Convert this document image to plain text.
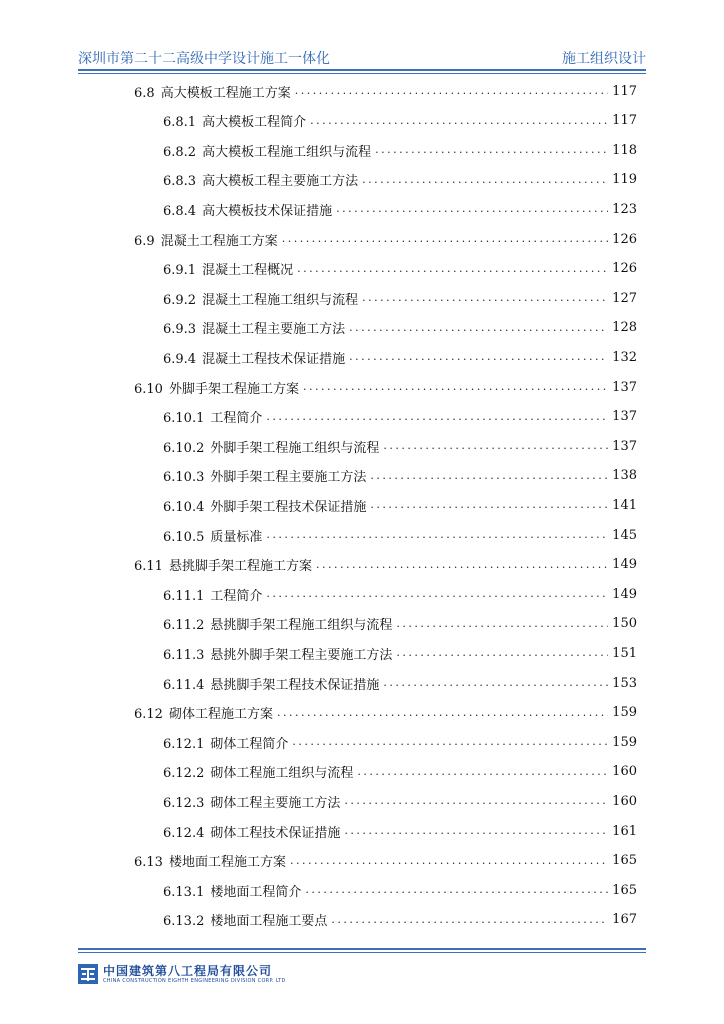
深圳市第二十二高级中学设计施工一体化	施工组织设计
6.8 高大模板工程施工方案 .....	117
6.8.1 高大模板工程简介 .....	117
6.8.2 高大模板工程施工组织与流程 .....	118
6.8.3 高大模板工程主要施工方法 .....	119
6.8.4 高大模板技术保证措施 .....	123
6.9 混凝土工程施工方案 .....	126
6.9.1 混凝土工程概况 .....	126
6.9.2 混凝土工程施工组织与流程 .....	127
6.9.3 混凝土工程主要施工方法 .....	128
6.9.4 混凝土工程技术保证措施 .....	132
6.10 外脚手架工程施工方案 .....	137
6.10.1 工程简介 .....	137
6.10.2 外脚手架工程施工组织与流程 .....	137
6.10.3 外脚手架工程主要施工方法 .....	138
6.10.4 外脚手架工程技术保证措施 .....	141
6.10.5 质量标准 .....	145
6.11 悬挑脚手架工程施工方案 .....	149
6.11.1 工程简介 .....	149
6.11.2 悬挑脚手架工程施工组织与流程 .....	150
6.11.3 悬挑外脚手架工程主要施工方法 .....	151
6.11.4 悬挑脚手架工程技术保证措施 .....	153
6.12 砌体工程施工方案 .....	159
6.12.1 砌体工程简介 .....	159
6.12.2 砌体工程施工组织与流程 .....	160
6.12.3 砌体工程主要施工方法 .....	160
6.12.4 砌体工程技术保证措施 .....	161
6.13 楼地面工程施工方案 .....	165
6.13.1 楼地面工程简介 .....	165
6.13.2 楼地面工程施工要点 .....	167
中国建筑第八工程局有限公司
CHINA CONSTRUCTION EIGHTH ENGINEERING DIVISION CORP. LTD
